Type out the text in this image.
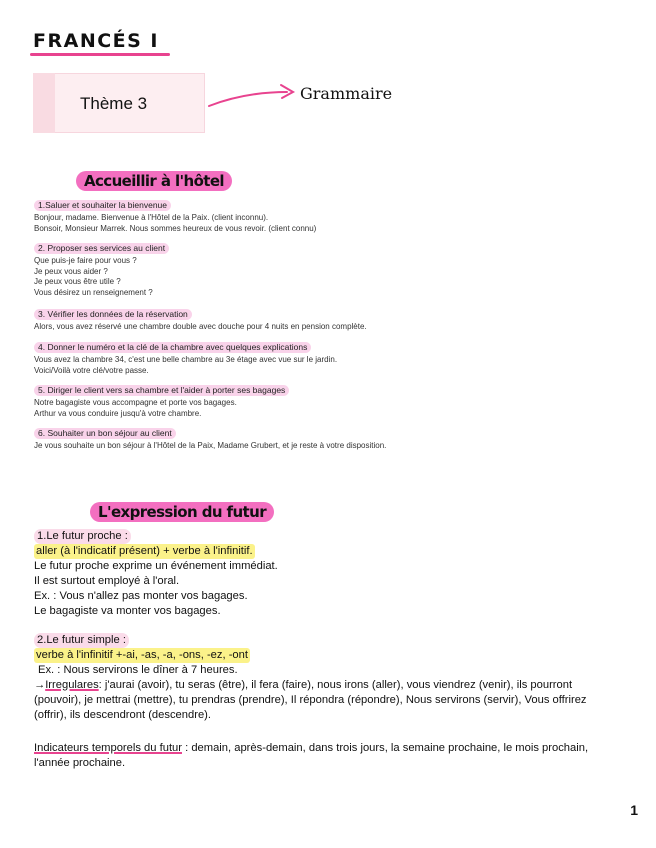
FRANCÉS I
Thème 3
Grammaire
Accueillir à l'hôtel
1.Saluer et souhaiter la bienvenue
Bonjour, madame. Bienvenue à l'Hôtel de la Paix. (client inconnu).
Bonsoir, Monsieur Marrek. Nous sommes heureux de vous revoir. (client connu)
2. Proposer ses services au client
Que puis-je faire pour vous ?
Je peux vous aider ?
Je peux vous être utile ?
Vous désirez un renseignement ?
3. Vérifier les données de la réservation
Alors, vous avez réservé une chambre double avec douche pour 4 nuits en pension complète.
4. Donner le numéro et la clé de la chambre avec quelques explications
Vous avez la chambre 34, c'est une belle chambre au 3e étage avec vue sur le jardin.
Voici/Voilà votre clé/votre passe.
5. Diriger le client vers sa chambre et l'aider à porter ses bagages
Notre bagagiste vous accompagne et porte vos bagages.
Arthur va vous conduire jusqu'à votre chambre.
6. Souhaiter un bon séjour au client
Je vous souhaite un bon séjour à l'Hôtel de la Paix, Madame Grubert, et je reste à votre disposition.
L'expression du futur
1.Le futur proche :
aller (à l'indicatif présent) + verbe à l'infinitif.
Le futur proche exprime un événement immédiat.
Il est surtout employé à l'oral.
Ex. : Vous n'allez pas monter vos bagages.
Le bagagiste va monter vos bagages.
2.Le futur simple :
verbe à l'infinitif +-ai, -as, -a, -ons, -ez, -ont
Ex. : Nous servirons le dîner à 7 heures.
→Irregulares: j'aurai (avoir), tu seras (être), il fera (faire), nous irons (aller), vous viendrez (venir), ils pourront (pouvoir), je mettrai (mettre), tu prendras (prendre), Il répondra (répondre), Nous servirons (servir), Vous offrirez (offrir), ils descendront (descendre).
Indicateurs temporels du futur : demain, après-demain, dans trois jours, la semaine prochaine, le mois prochain, l'année prochaine.
1
